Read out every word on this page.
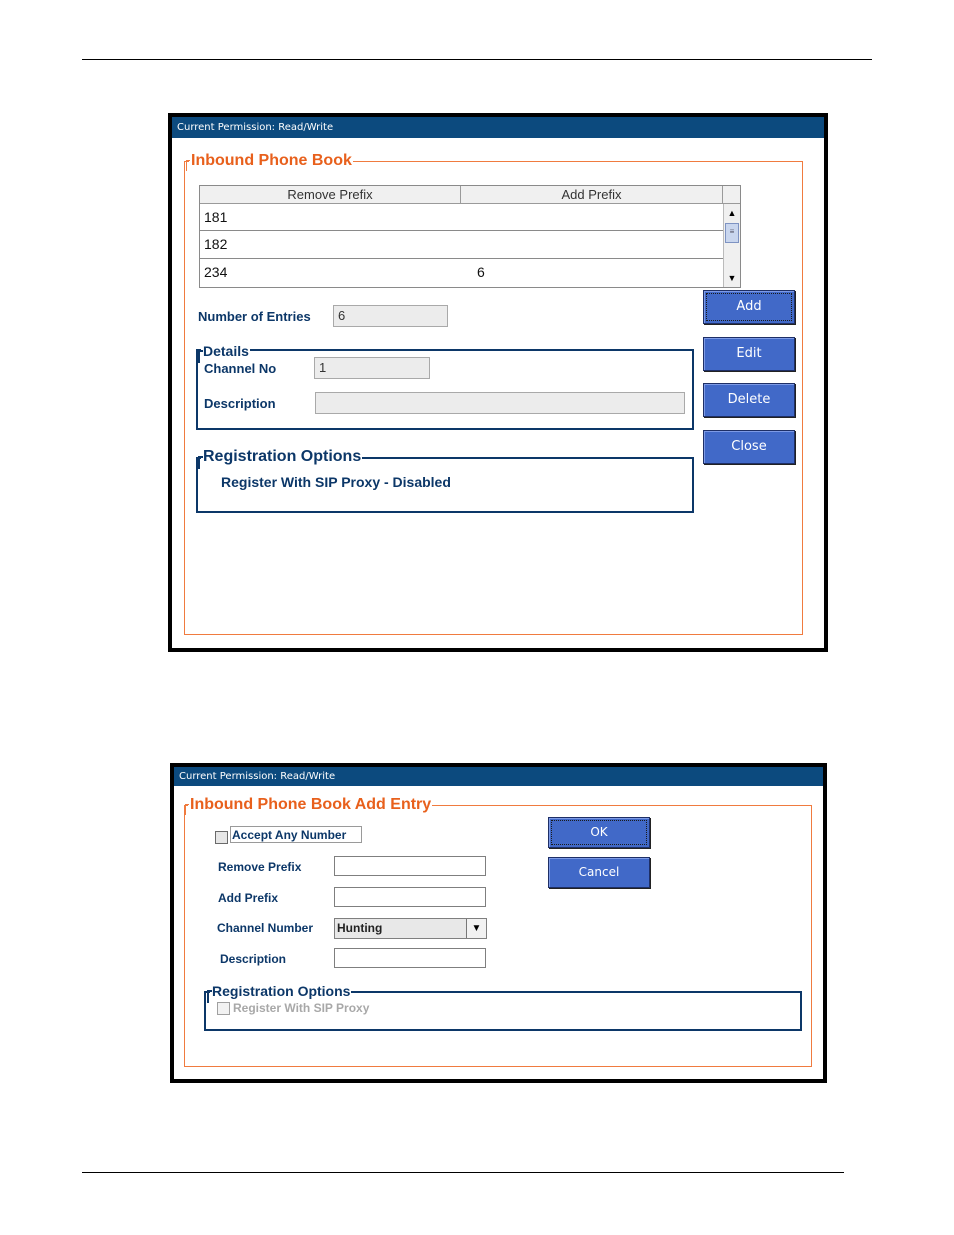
Current Permission: Read/Write
Inbound Phone Book
Remove Prefix	Add Prefix
181
182
234	6
▲
≡
▼
Number of Entries	6
Details
Channel No	1
Description
Registration Options
Register With SIP Proxy - Disabled
Add
Edit
Delete
Close
Current Permission: Read/Write
Inbound Phone Book Add Entry
Accept Any Number
Remove Prefix
Add Prefix
Channel Number Hunting	▼
Description
Registration Options
Register With SIP Proxy
OK
Cancel
